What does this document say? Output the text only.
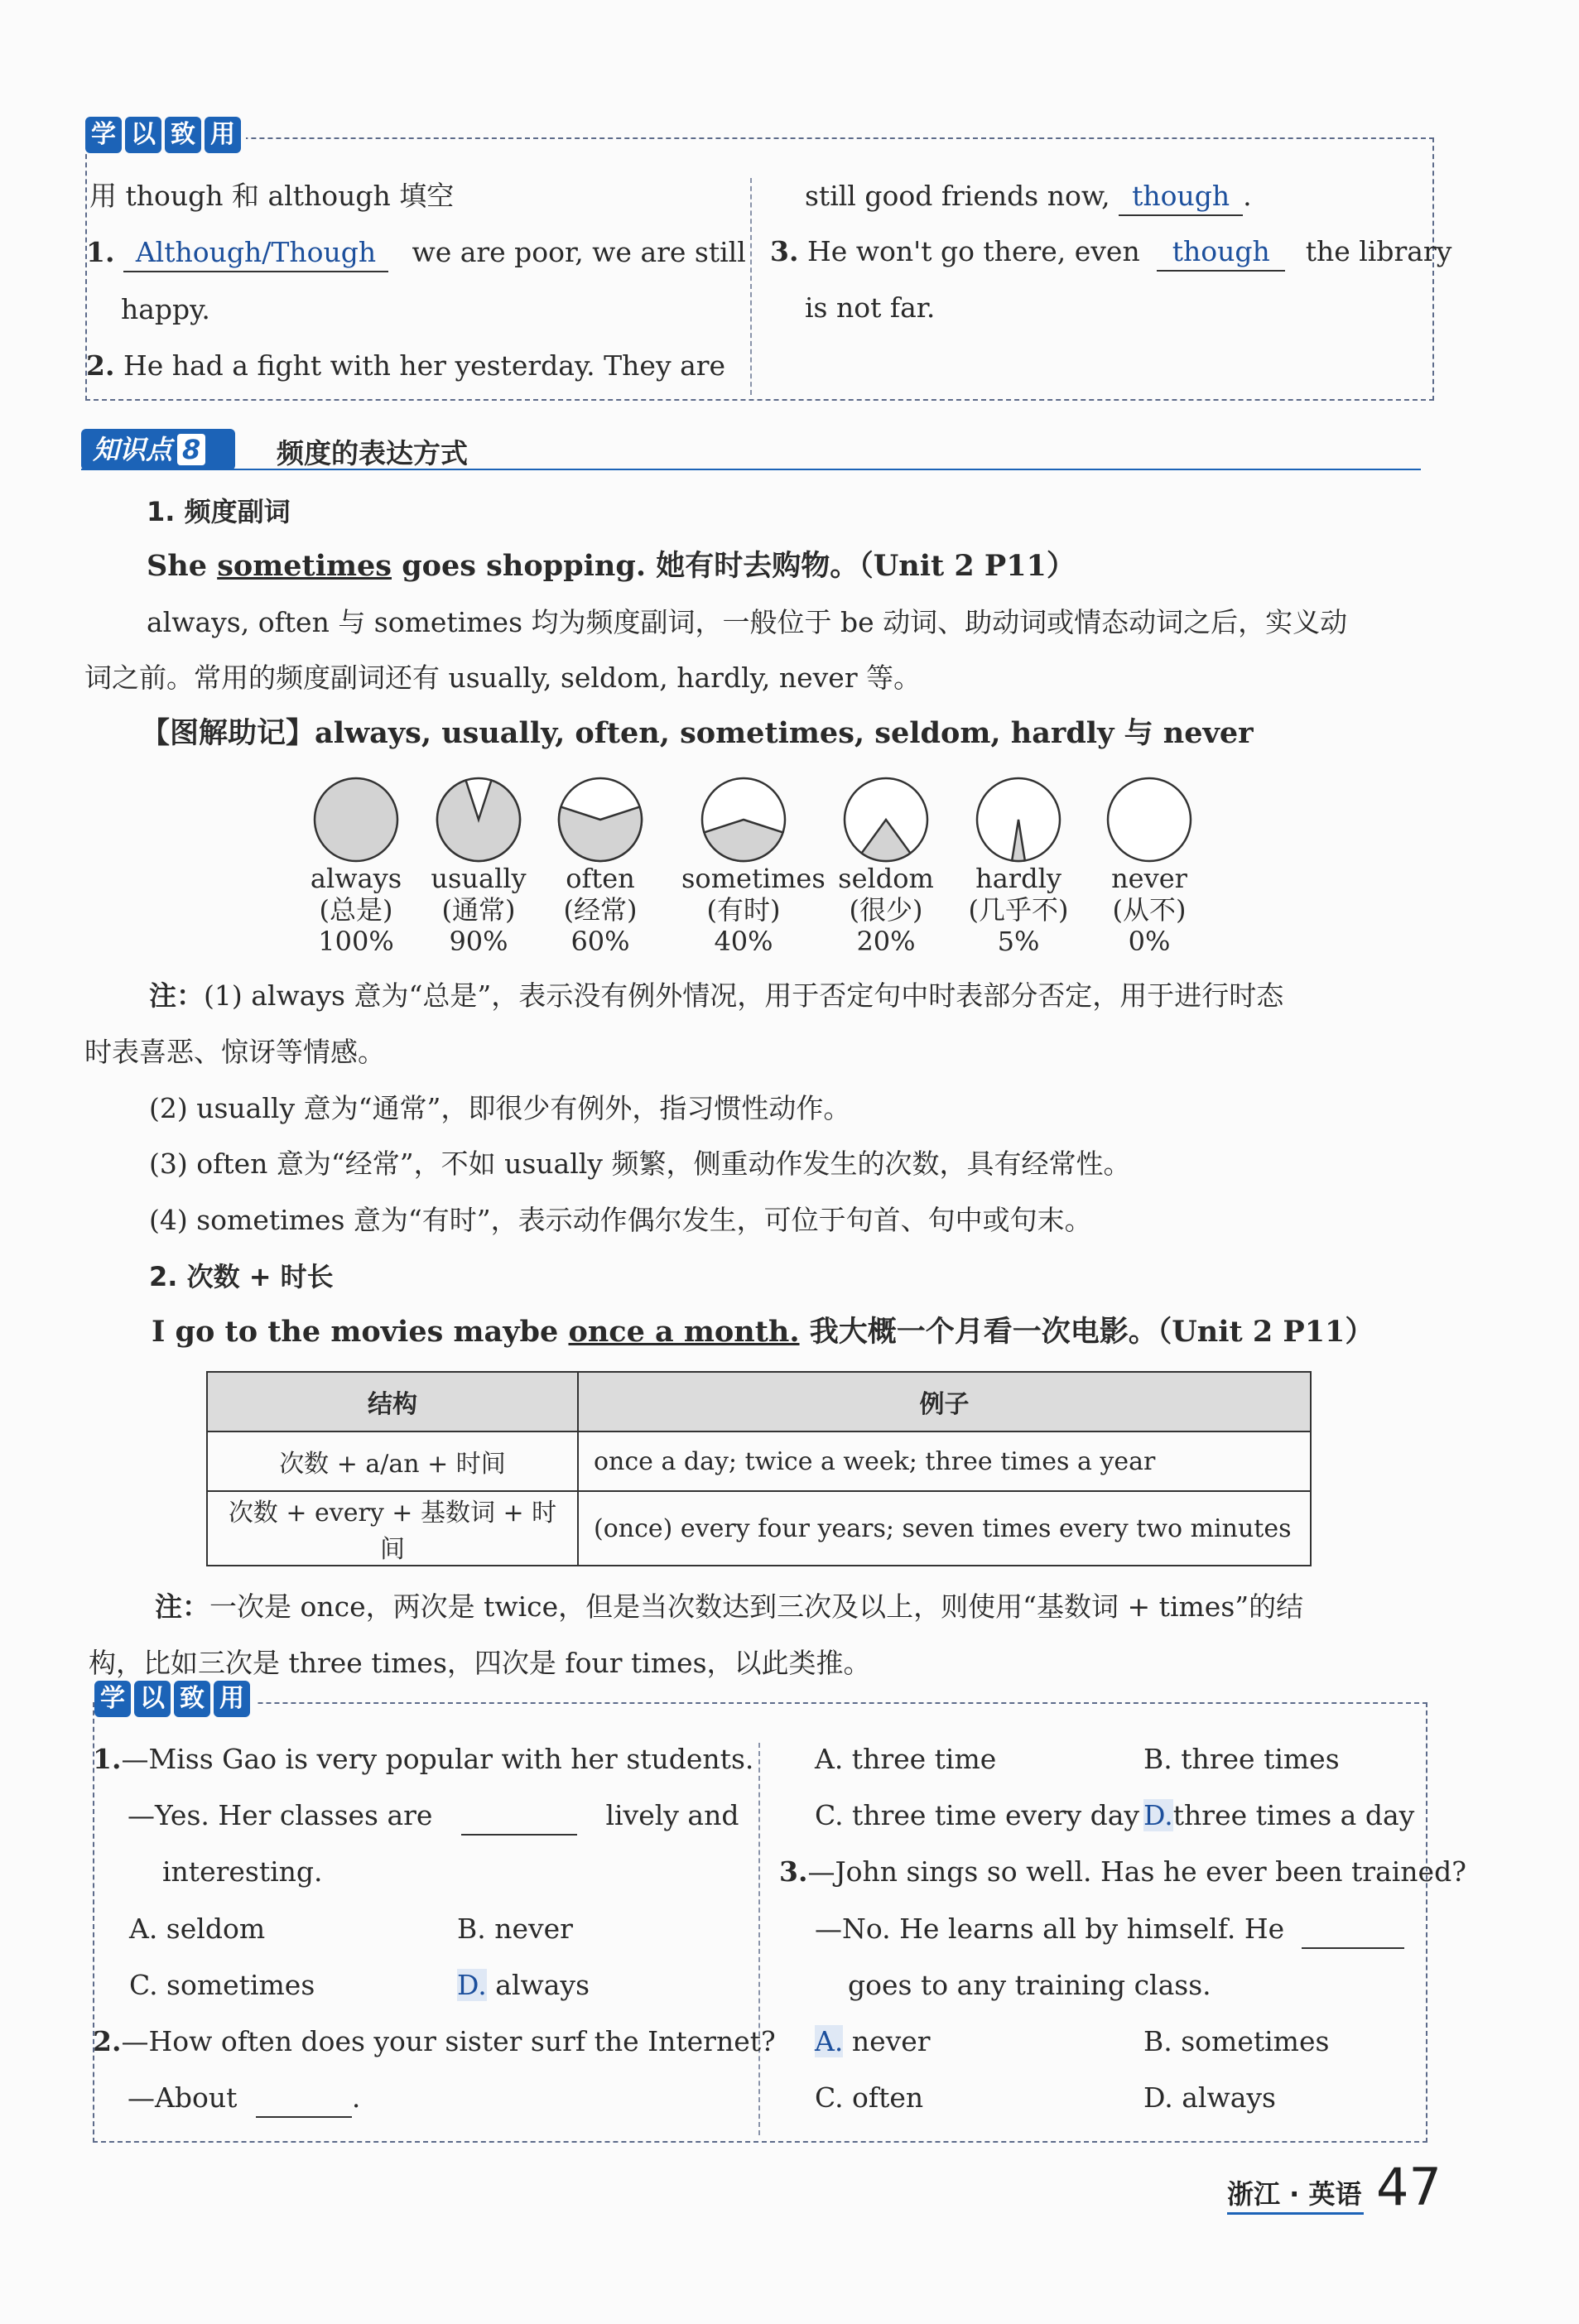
学 以 致 用
用 though 和 although 填空
1. Although/Though we are poor, we are still
happy.
2. He had a fight with her yesterday. They are
still good friends now, though .
3. He won't go there, even though the library
is not far.
知识点 8	频度的表达方式
1. 频度副词
She sometimes goes shopping. 她有时去购物。（Unit 2 P11）
always, often 与 sometimes 均为频度副词，一般位于 be 动词、助动词或情态动词之后，实义动
词之前。常用的频度副词还有 usually, seldom, hardly, never 等。
【图解助记】always, usually, often, sometimes, seldom, hardly 与 never
always
(总是)
100%
usually
(通常)
90%
often
(经常)
60%
sometimes
(有时)
40%
seldom
(很少)
20%
hardly
(几乎不)
5%
never
(从不)
0%
注：(1) always 意为“总是”，表示没有例外情况，用于否定句中时表部分否定，用于进行时态
时表喜恶、惊讶等情感。
(2) usually 意为“通常”，即很少有例外，指习惯性动作。
(3) often 意为“经常”，不如 usually 频繁，侧重动作发生的次数，具有经常性。
(4) sometimes 意为“有时”，表示动作偶尔发生，可位于句首、句中或句末。
2. 次数 + 时长
I go to the movies maybe once a month. 我大概一个月看一次电影。（Unit 2 P11）
结构	例子
次数 + a/an + 时间	once a day; twice a week; three times a year
次数 + every + 基数词 + 时间	(once) every four years; seven times every two minutes
注：一次是 once，两次是 twice，但是当次数达到三次及以上，则使用“基数词 + times”的结
构，比如三次是 three times，四次是 four times，以此类推。
学 以 致 用
1.—Miss Gao is very popular with her students.
—Yes. Her classes are	lively and
interesting.
A. seldom	B. never
C. sometimes	D. always
2.—How often does your sister surf the Internet?
—About	.
A. three time	B. three times
C. three time every day D.three times a day
3.—John sings so well. Has he ever been trained?
—No. He learns all by himself. He
goes to any training class.
A. never	B. sometimes
C. often	D. always
浙江 · 英语 47
